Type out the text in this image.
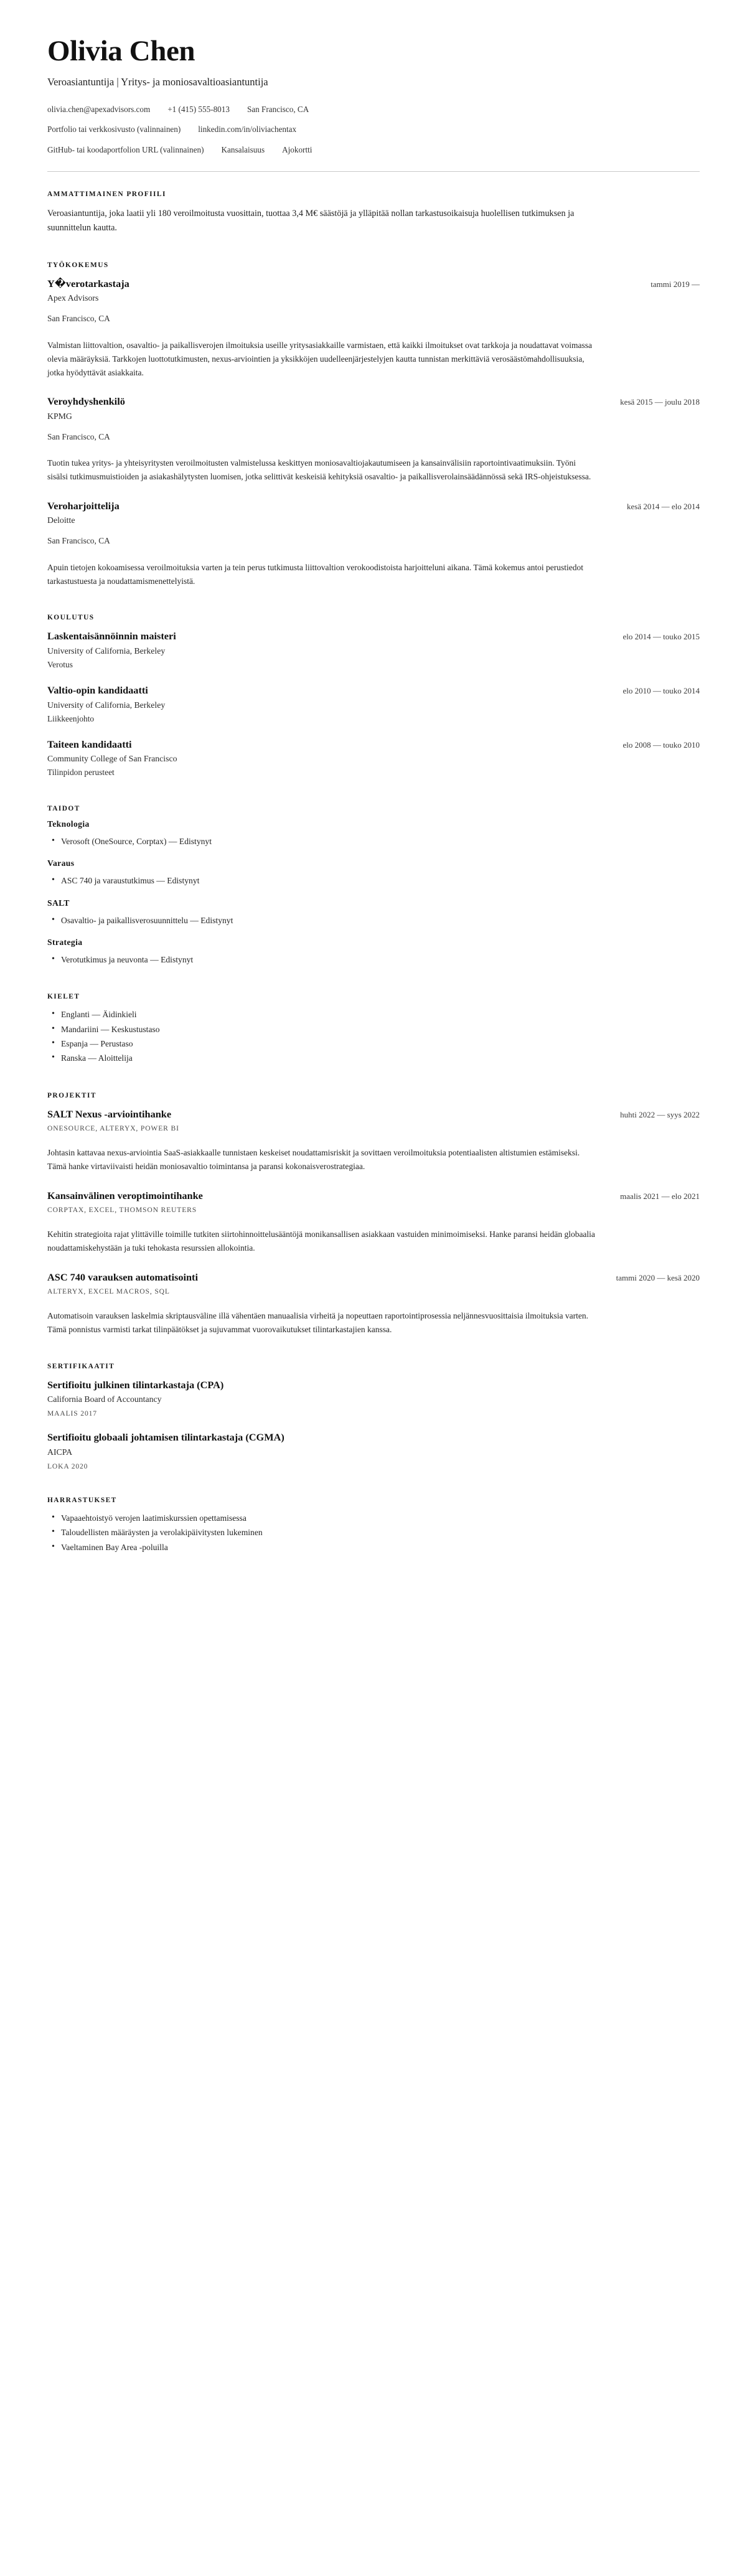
Olivia Chen
Veroasiantuntija | Yritys- ja moniosavaltioasiantuntija
olivia.chen@apexadvisors.com +1 (415) 555-8013 San Francisco, CA
Portfolio tai verkkosivusto (valinnainen) linkedin.com/in/oliviachentax
GitHub- tai koodaportfolion URL (valinnainen) Kansalaisuus Ajokortti
AMMATTIMAINEN PROFIILI

Veroasiantuntija, joka laatii yli 180 veroilmoitusta vuosittain, tuottaa 3,4 M€ säästöjä ja ylläpitää nollan tarkastusoikaisuja huolellisen tutkimuksen ja suunnittelun kautta.

TYÖKOKEMUS
Y�verotarkastaja	tammi 2019 —
Apex Advisors
San Francisco, CA

Valmistan liittovaltion, osavaltio- ja paikallisverojen ilmoituksia useille yritysasiakkaille varmistaen, että kaikki ilmoitukset ovat tarkkoja ja noudattavat voimassa olevia määräyksiä. Tarkkojen luottotutkimusten, nexus-arviointien ja yksikköjen uudelleenjärjestelyjen kautta tunnistan merkittäviä verosäästömahdollisuuksia, jotka hyödyttävät asiakkaita.

Veroyhdyshenkilö	kesä 2015 — joulu 2018
KPMG
San Francisco, CA

Tuotin tukea yritys- ja yhteisyritysten veroilmoitusten valmistelussa keskittyen moniosavaltiojakautumiseen ja kansainvälisiin raportointivaatimuksiin. Työni sisälsi tutkimusmuistioiden ja asiakashälytysten luomisen, jotka selittivät keskeisiä kehityksiä osavaltio- ja paikallisverolainsäädännössä sekä IRS-ohjeistuksessa.

Veroharjoittelija	kesä 2014 — elo 2014
Deloitte
San Francisco, CA

Apuin tietojen kokoamisessa veroilmoituksia varten ja tein perus tutkimusta liittovaltion verokoodistoista harjoitteluni aikana. Tämä kokemus antoi perustiedot tarkastustuesta ja noudattamismenettelyistä.

KOULUTUS
Laskentaisännöinnin maisteri	elo 2014 — touko 2015
University of California, Berkeley
Verotus
Valtio-opin kandidaatti	elo 2010 — touko 2014
University of California, Berkeley
Liikkeenjohto
Taiteen kandidaatti	elo 2008 — touko 2010
Community College of San Francisco
Tilinpidon perusteet
TAIDOT
Teknologia
• Verosoft (OneSource, Corptax) — Edistynyt
Varaus
• ASC 740 ja varaustutkimus — Edistynyt
SALT
• Osavaltio- ja paikallisverosuunnittelu — Edistynyt
Strategia
• Verotutkimus ja neuvonta — Edistynyt
KIELET
• Englanti — Äidinkieli
• Mandariini — Keskustustaso
• Espanja — Perustaso
• Ranska — Aloittelija
PROJEKTIT
SALT Nexus -arviointihanke	huhti 2022 — syys 2022
ONESOURCE, ALTERYX, POWER BI

Johtasin kattavaa nexus-arviointia SaaS-asiakkaalle tunnistaen keskeiset noudattamisriskit ja sovittaen veroilmoituksia potentiaalisten altistumien estämiseksi. Tämä hanke virtaviivaisti heidän moniosavaltio toimintansa ja paransi kokonaisverostrategiaa.

Kansainvälinen veroptimointihanke	maalis 2021 — elo 2021
CORPTAX, EXCEL, THOMSON REUTERS

Kehitin strategioita rajat ylittäville toimille tutkiten siirtohinnoittelusääntöjä monikansallisen asiakkaan vastuiden minimoimiseksi. Hanke paransi heidän globaalia noudattamiskehystään ja tuki tehokasta resurssien allokointia.

ASC 740 varauksen automatisointi	tammi 2020 — kesä 2020
ALTERYX, EXCEL MACROS, SQL

Automatisoin varauksen laskelmia skriptausväline illä vähentäen manuaalisia virheitä ja nopeuttaen raportointiprosessia neljännesvuosittaisia ilmoituksia varten. Tämä ponnistus varmisti tarkat tilinpäätökset ja sujuvammat vuorovaikutukset tilintarkastajien kanssa.

SERTIFIKAATIT
Sertifioitu julkinen tilintarkastaja (CPA)
California Board of Accountancy
MAALIS 2017
Sertifioitu globaali johtamisen tilintarkastaja (CGMA)
AICPA
LOKA 2020
HARRASTUKSET
• Vapaaehtoistyö verojen laatimiskurssien opettamisessa
• Taloudellisten määräysten ja verolakipäivitysten lukeminen
• Vaeltaminen Bay Area -poluilla
